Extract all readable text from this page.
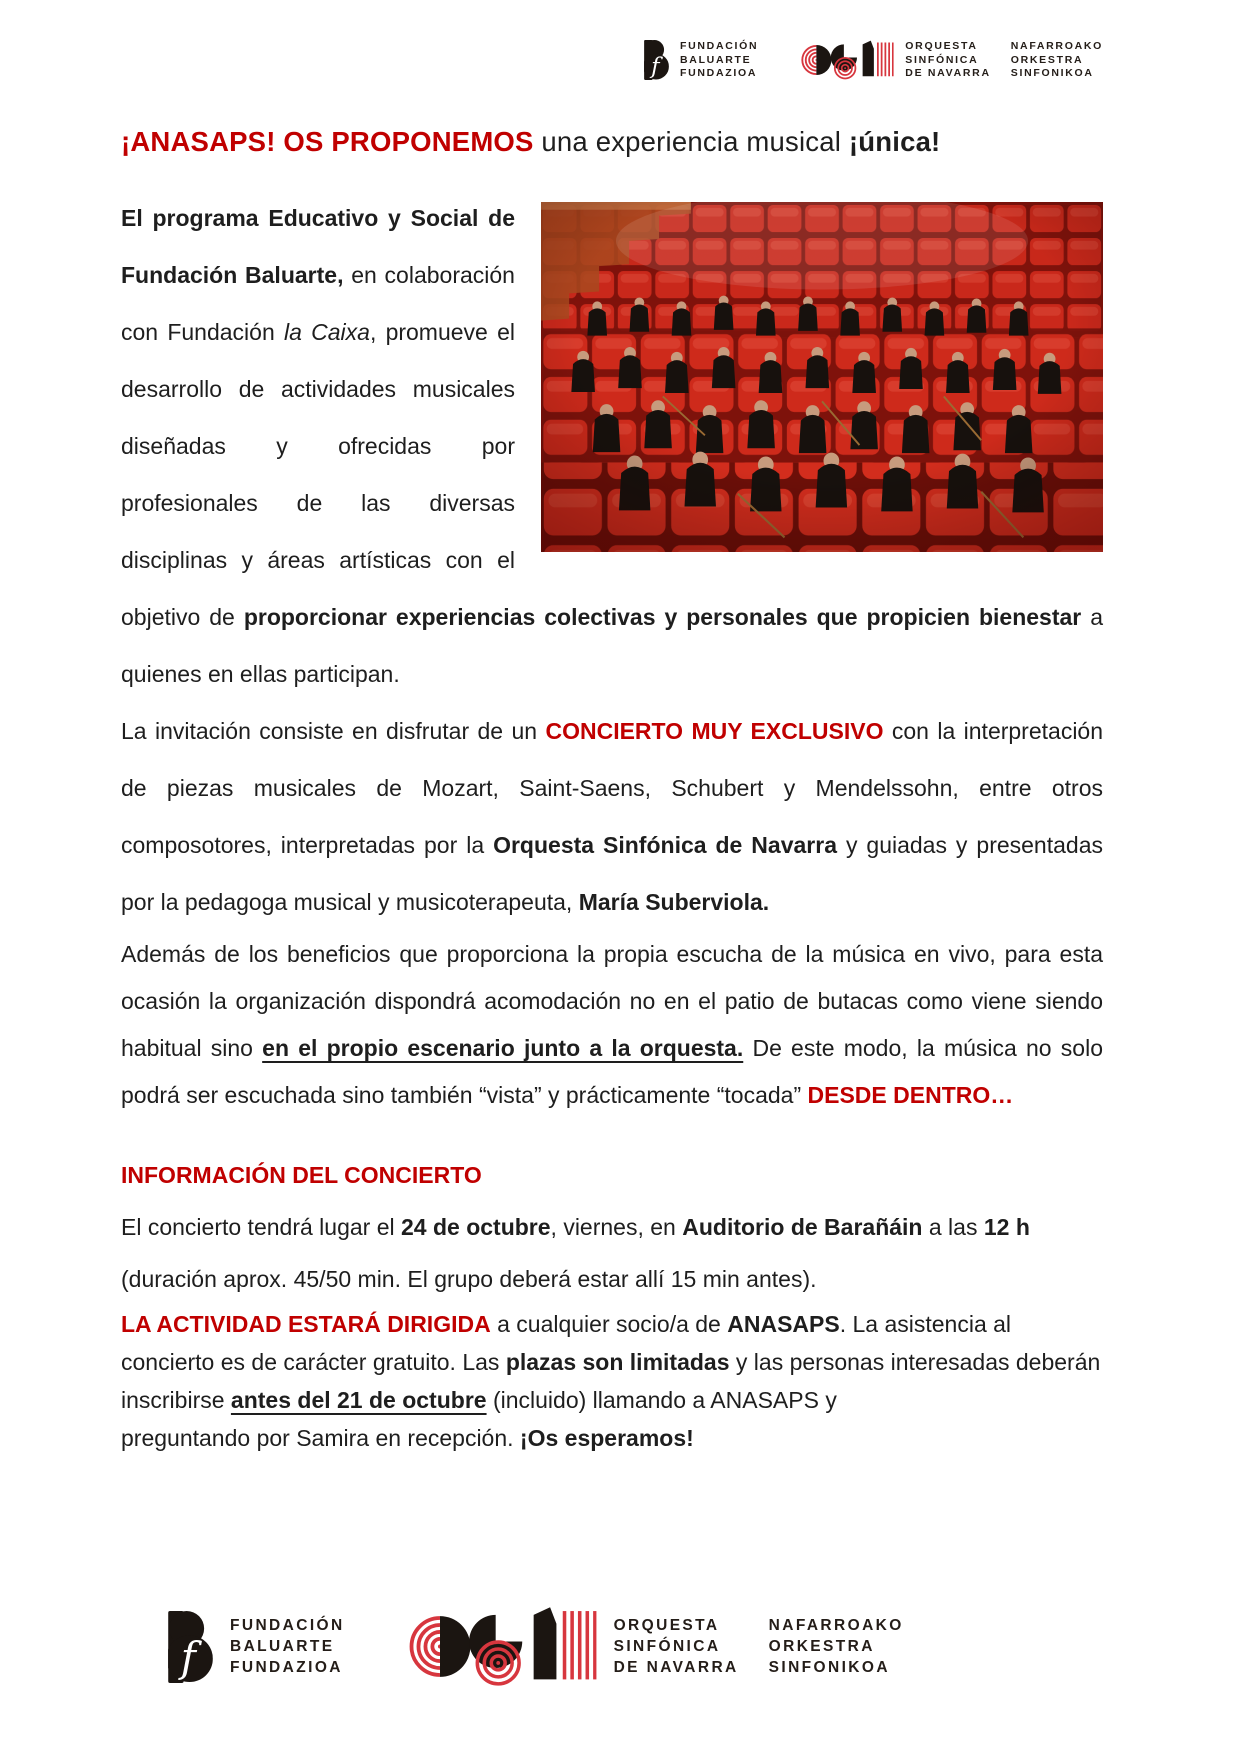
f
FUNDACIÓN
BALUARTE
FUNDAZIOA
ORQUESTA
SINFÓNICA
DE NAVARRA
NAFARROAKO
ORKESTRA
SINFONIKOA
¡ANASAPS! OS PROPONEMOS una experiencia musical ¡única!

El programa Educativo y Social de Fundación Baluarte, en colaboración con Fundación la Caixa, promueve el desarrollo de actividades musicales diseñadas y ofrecidas por profesionales de las diversas disciplinas y áreas artísticas con el objetivo de proporcionar experiencias colectivas y personales que propicien bienestar a quienes en ellas participan.

La invitación consiste en disfrutar de un CONCIERTO MUY EXCLUSIVO con la interpretación de piezas musicales de Mozart, Saint-Saens, Schubert y Mendelssohn, entre otros composotores, interpretadas por la Orquesta Sinfónica de Navarra y guiadas y presentadas por la pedagoga musical y musicoterapeuta, María Suberviola.

Además de los beneficios que proporciona la propia escucha de la música en vivo, para esta ocasión la organización dispondrá acomodación no en el patio de butacas como viene siendo habitual sino en el propio escenario junto a la orquesta. De este modo, la música no solo podrá ser escuchada sino también “vista” y prácticamente “tocada” DESDE DENTRO…

INFORMACIÓN DEL CONCIERTO
El concierto tendrá lugar el 24 de octubre, viernes, en Auditorio de Barañáin a las 12 h
(duración aprox. 45/50 min. El grupo deberá estar allí 15 min antes).

LA ACTIVIDAD ESTARÁ DIRIGIDA a cualquier socio/a de ANASAPS. La asistencia al concierto es de carácter gratuito. Las plazas son limitadas y las personas interesadas deberán inscribirse antes del 21 de octubre (incluido) llamando a ANASAPS y
preguntando por Samira en recepción. ¡Os esperamos!

f
FUNDACIÓN
BALUARTE
FUNDAZIOA
ORQUESTA
SINFÓNICA
DE NAVARRA
NAFARROAKO
ORKESTRA
SINFONIKOA
